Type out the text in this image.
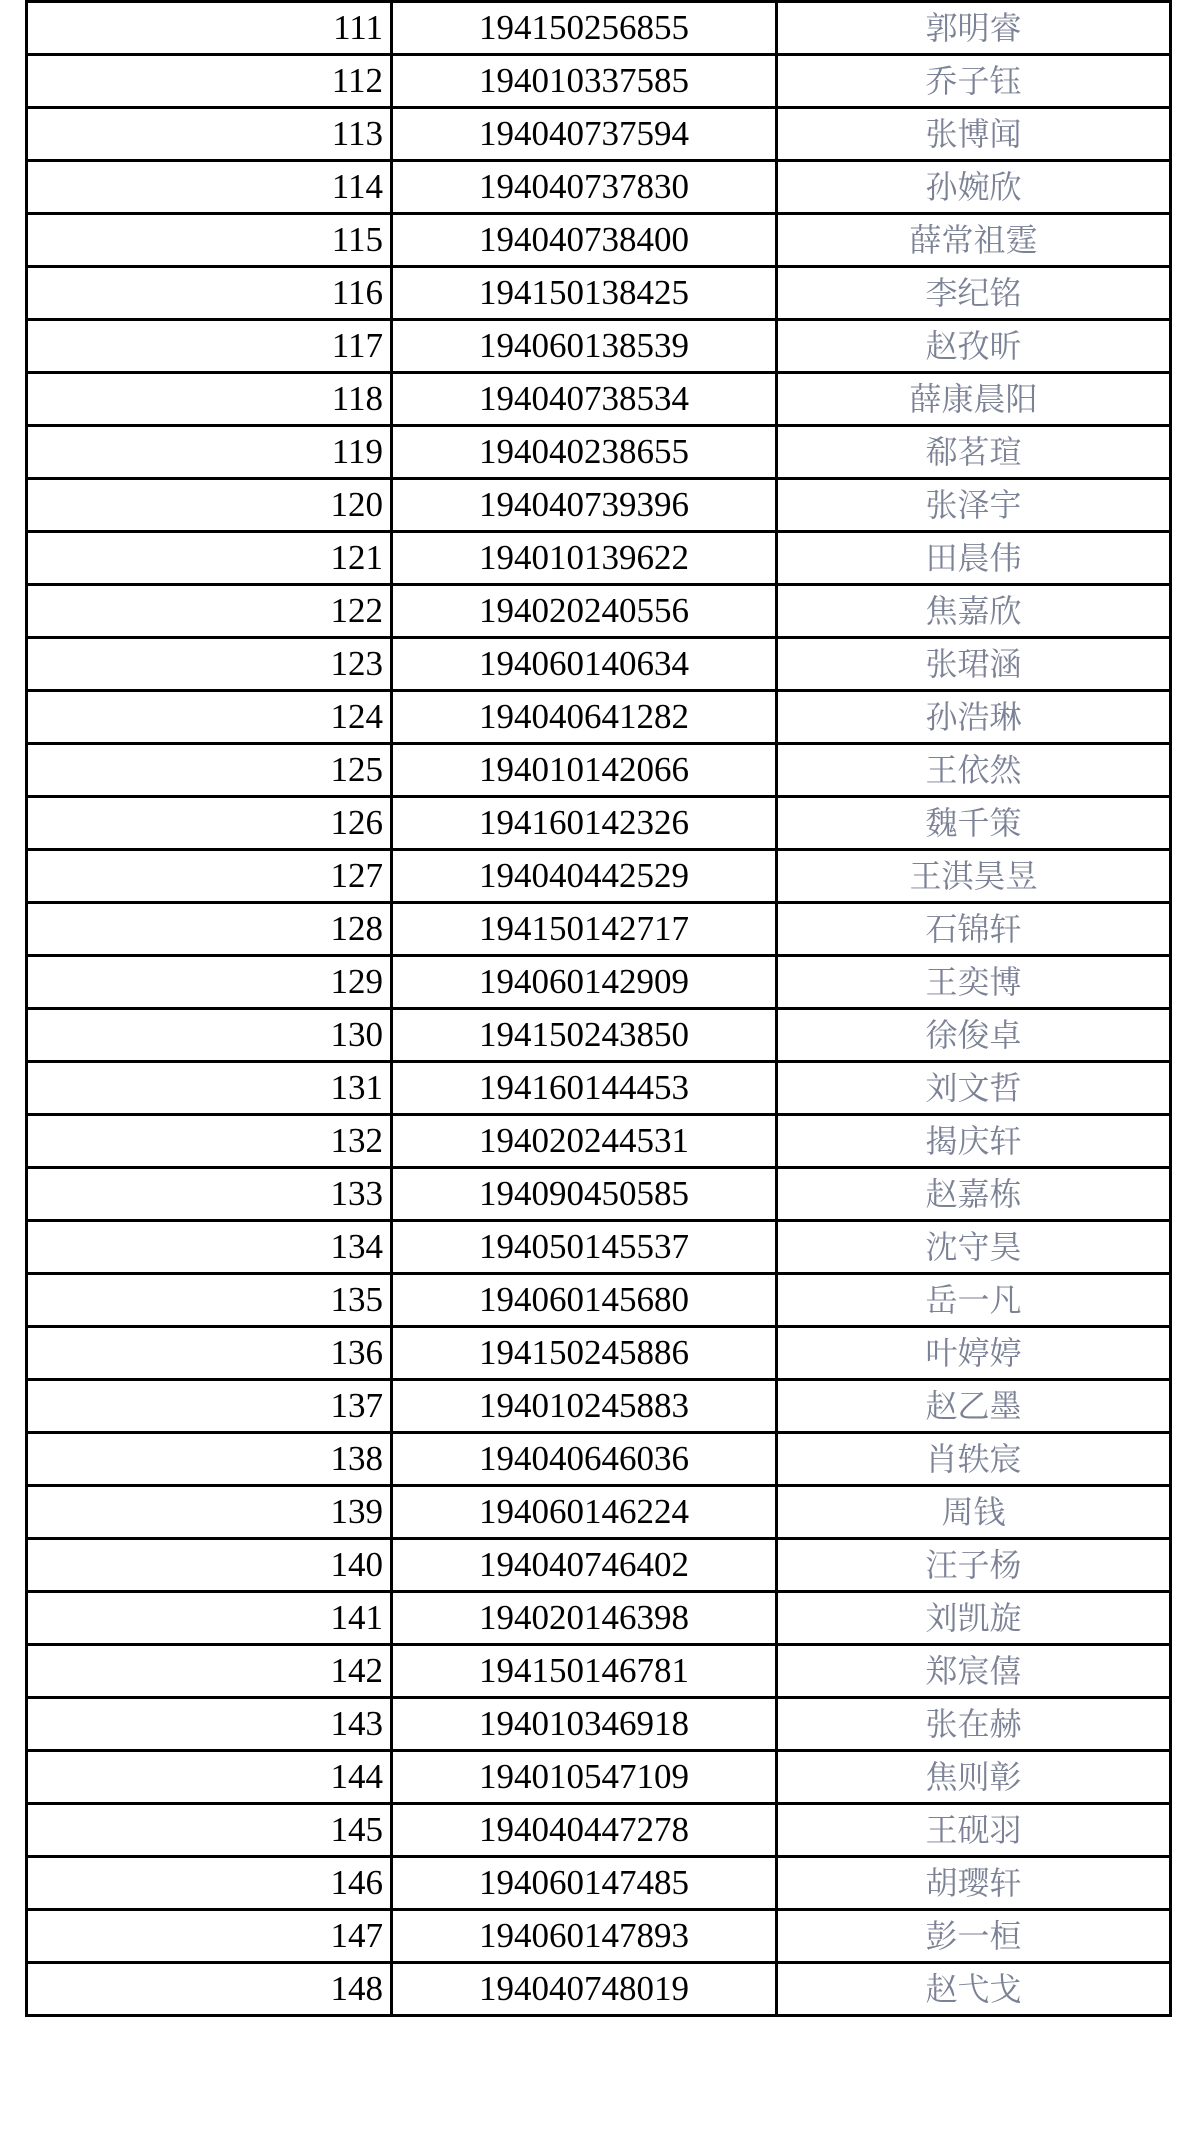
111	194150256855	郭明睿
112	194010337585	乔子钰
113	194040737594	张博闻
114	194040737830	孙婉欣
115	194040738400	薛常祖霆
116	194150138425	李纪铭
117	194060138539	赵孜昕
118	194040738534	薛康晨阳
119	194040238655	郗茗瑄
120	194040739396	张泽宇
121	194010139622	田晨伟
122	194020240556	焦嘉欣
123	194060140634	张珺涵
124	194040641282	孙浩琳
125	194010142066	王依然
126	194160142326	魏千策
127	194040442529	王淇昊昱
128	194150142717	石锦轩
129	194060142909	王奕博
130	194150243850	徐俊卓
131	194160144453	刘文哲
132	194020244531	揭庆轩
133	194090450585	赵嘉栋
134	194050145537	沈守昊
135	194060145680	岳一凡
136	194150245886	叶婷婷
137	194010245883	赵乙墨
138	194040646036	肖轶宸
139	194060146224	周钱
140	194040746402	汪子杨
141	194020146398	刘凯旋
142	194150146781	郑宸僖
143	194010346918	张在赫
144	194010547109	焦则彰
145	194040447278	王砚羽
146	194060147485	胡璎轩
147	194060147893	彭一桓
148	194040748019	赵弋戈
